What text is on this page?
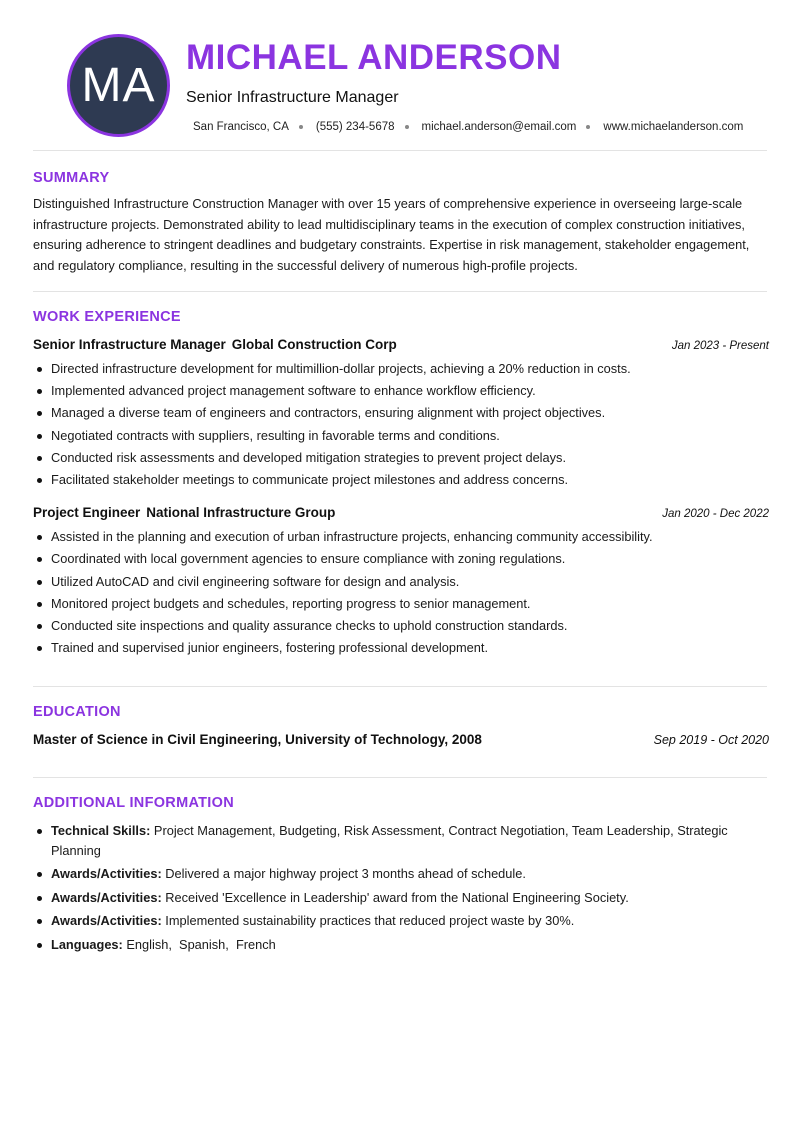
MA
MICHAEL ANDERSON
Senior Infrastructure Manager
San Francisco, CA (555) 234-5678 michael.anderson@email.com www.michaelanderson.com
SUMMARY

Distinguished Infrastructure Construction Manager with over 15 years of comprehensive experience in overseeing large-scale infrastructure projects. Demonstrated ability to lead multidisciplinary teams in the execution of complex construction initiatives, ensuring adherence to stringent deadlines and budgetary constraints. Expertise in risk management, stakeholder engagement, and regulatory compliance, resulting in the successful delivery of numerous high-profile projects.

WORK EXPERIENCE
Senior Infrastructure Manager Global Construction Corp	Jan 2023 - Present
Directed infrastructure development for multimillion-dollar projects, achieving a 20% reduction in costs.
Implemented advanced project management software to enhance workflow efficiency.
Managed a diverse team of engineers and contractors, ensuring alignment with project objectives.
Negotiated contracts with suppliers, resulting in favorable terms and conditions.
Conducted risk assessments and developed mitigation strategies to prevent project delays.
Facilitated stakeholder meetings to communicate project milestones and address concerns.
Project Engineer National Infrastructure Group	Jan 2020 - Dec 2022
Assisted in the planning and execution of urban infrastructure projects, enhancing community accessibility.
Coordinated with local government agencies to ensure compliance with zoning regulations.
Utilized AutoCAD and civil engineering software for design and analysis.
Monitored project budgets and schedules, reporting progress to senior management.
Conducted site inspections and quality assurance checks to uphold construction standards.
Trained and supervised junior engineers, fostering professional development.
EDUCATION
Master of Science in Civil Engineering, University of Technology, 2008	Sep 2019 - Oct 2020
ADDITIONAL INFORMATION
Technical Skills: Project Management, Budgeting, Risk Assessment, Contract Negotiation, Team Leadership, Strategic Planning
Awards/Activities: Delivered a major highway project 3 months ahead of schedule.
Awards/Activities: Received 'Excellence in Leadership' award from the National Engineering Society.
Awards/Activities: Implemented sustainability practices that reduced project waste by 30%.
Languages: English,  Spanish,  French
